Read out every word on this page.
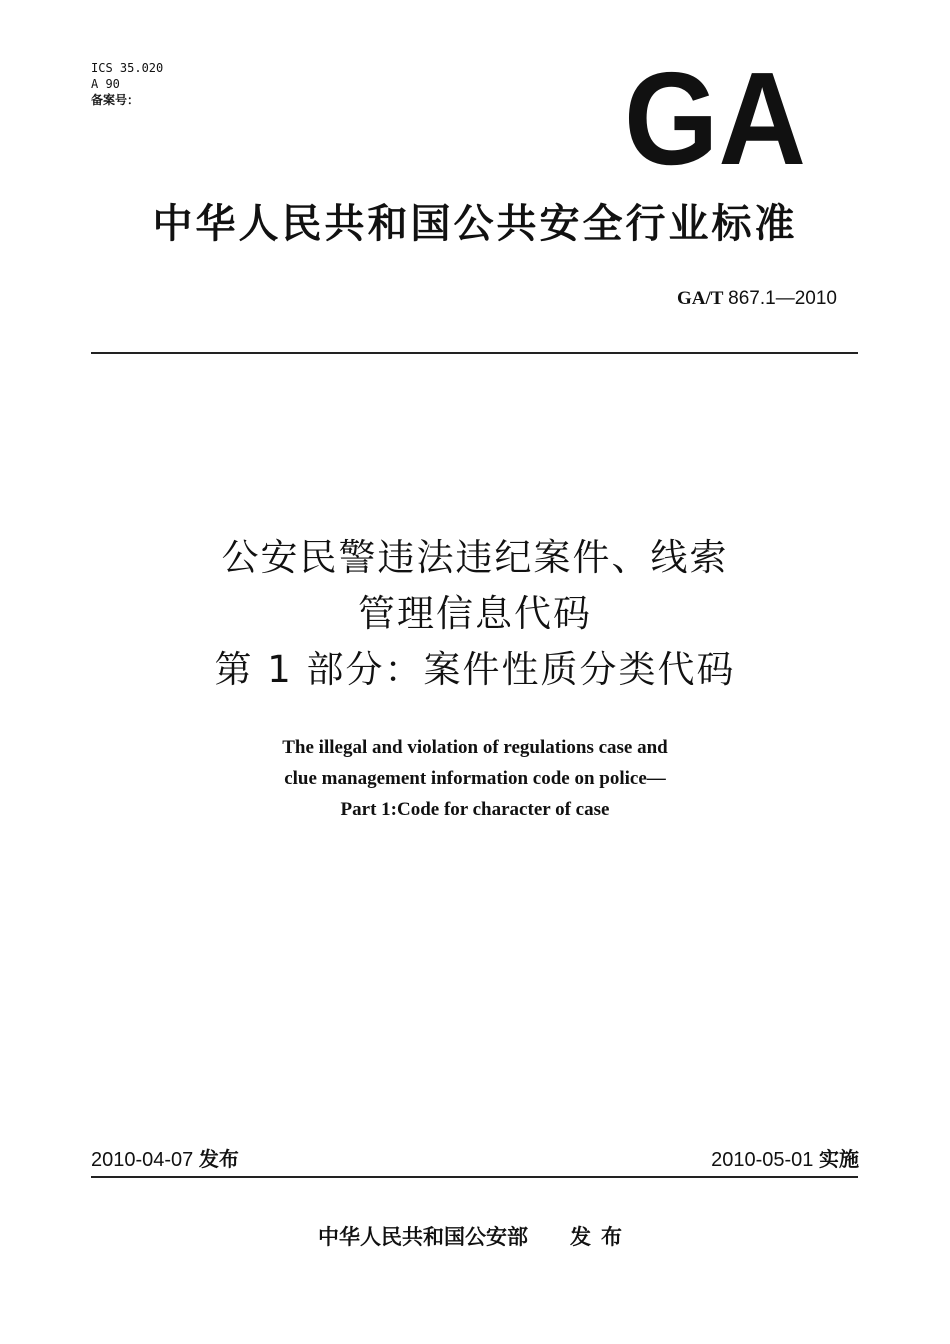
ICS 35.020
A 90
备案号：	GA
中华人民共和国公共安全行业标准
GA/T 867.1—2010
公安民警违法违纪案件、线索
管理信息代码
第 1 部分：案件性质分类代码
The illegal and violation of regulations case and
clue management information code on police—
Part 1:Code for character of case
2010-04-07 发布	2010-05-01 实施
中华人民共和国公安部 发布
